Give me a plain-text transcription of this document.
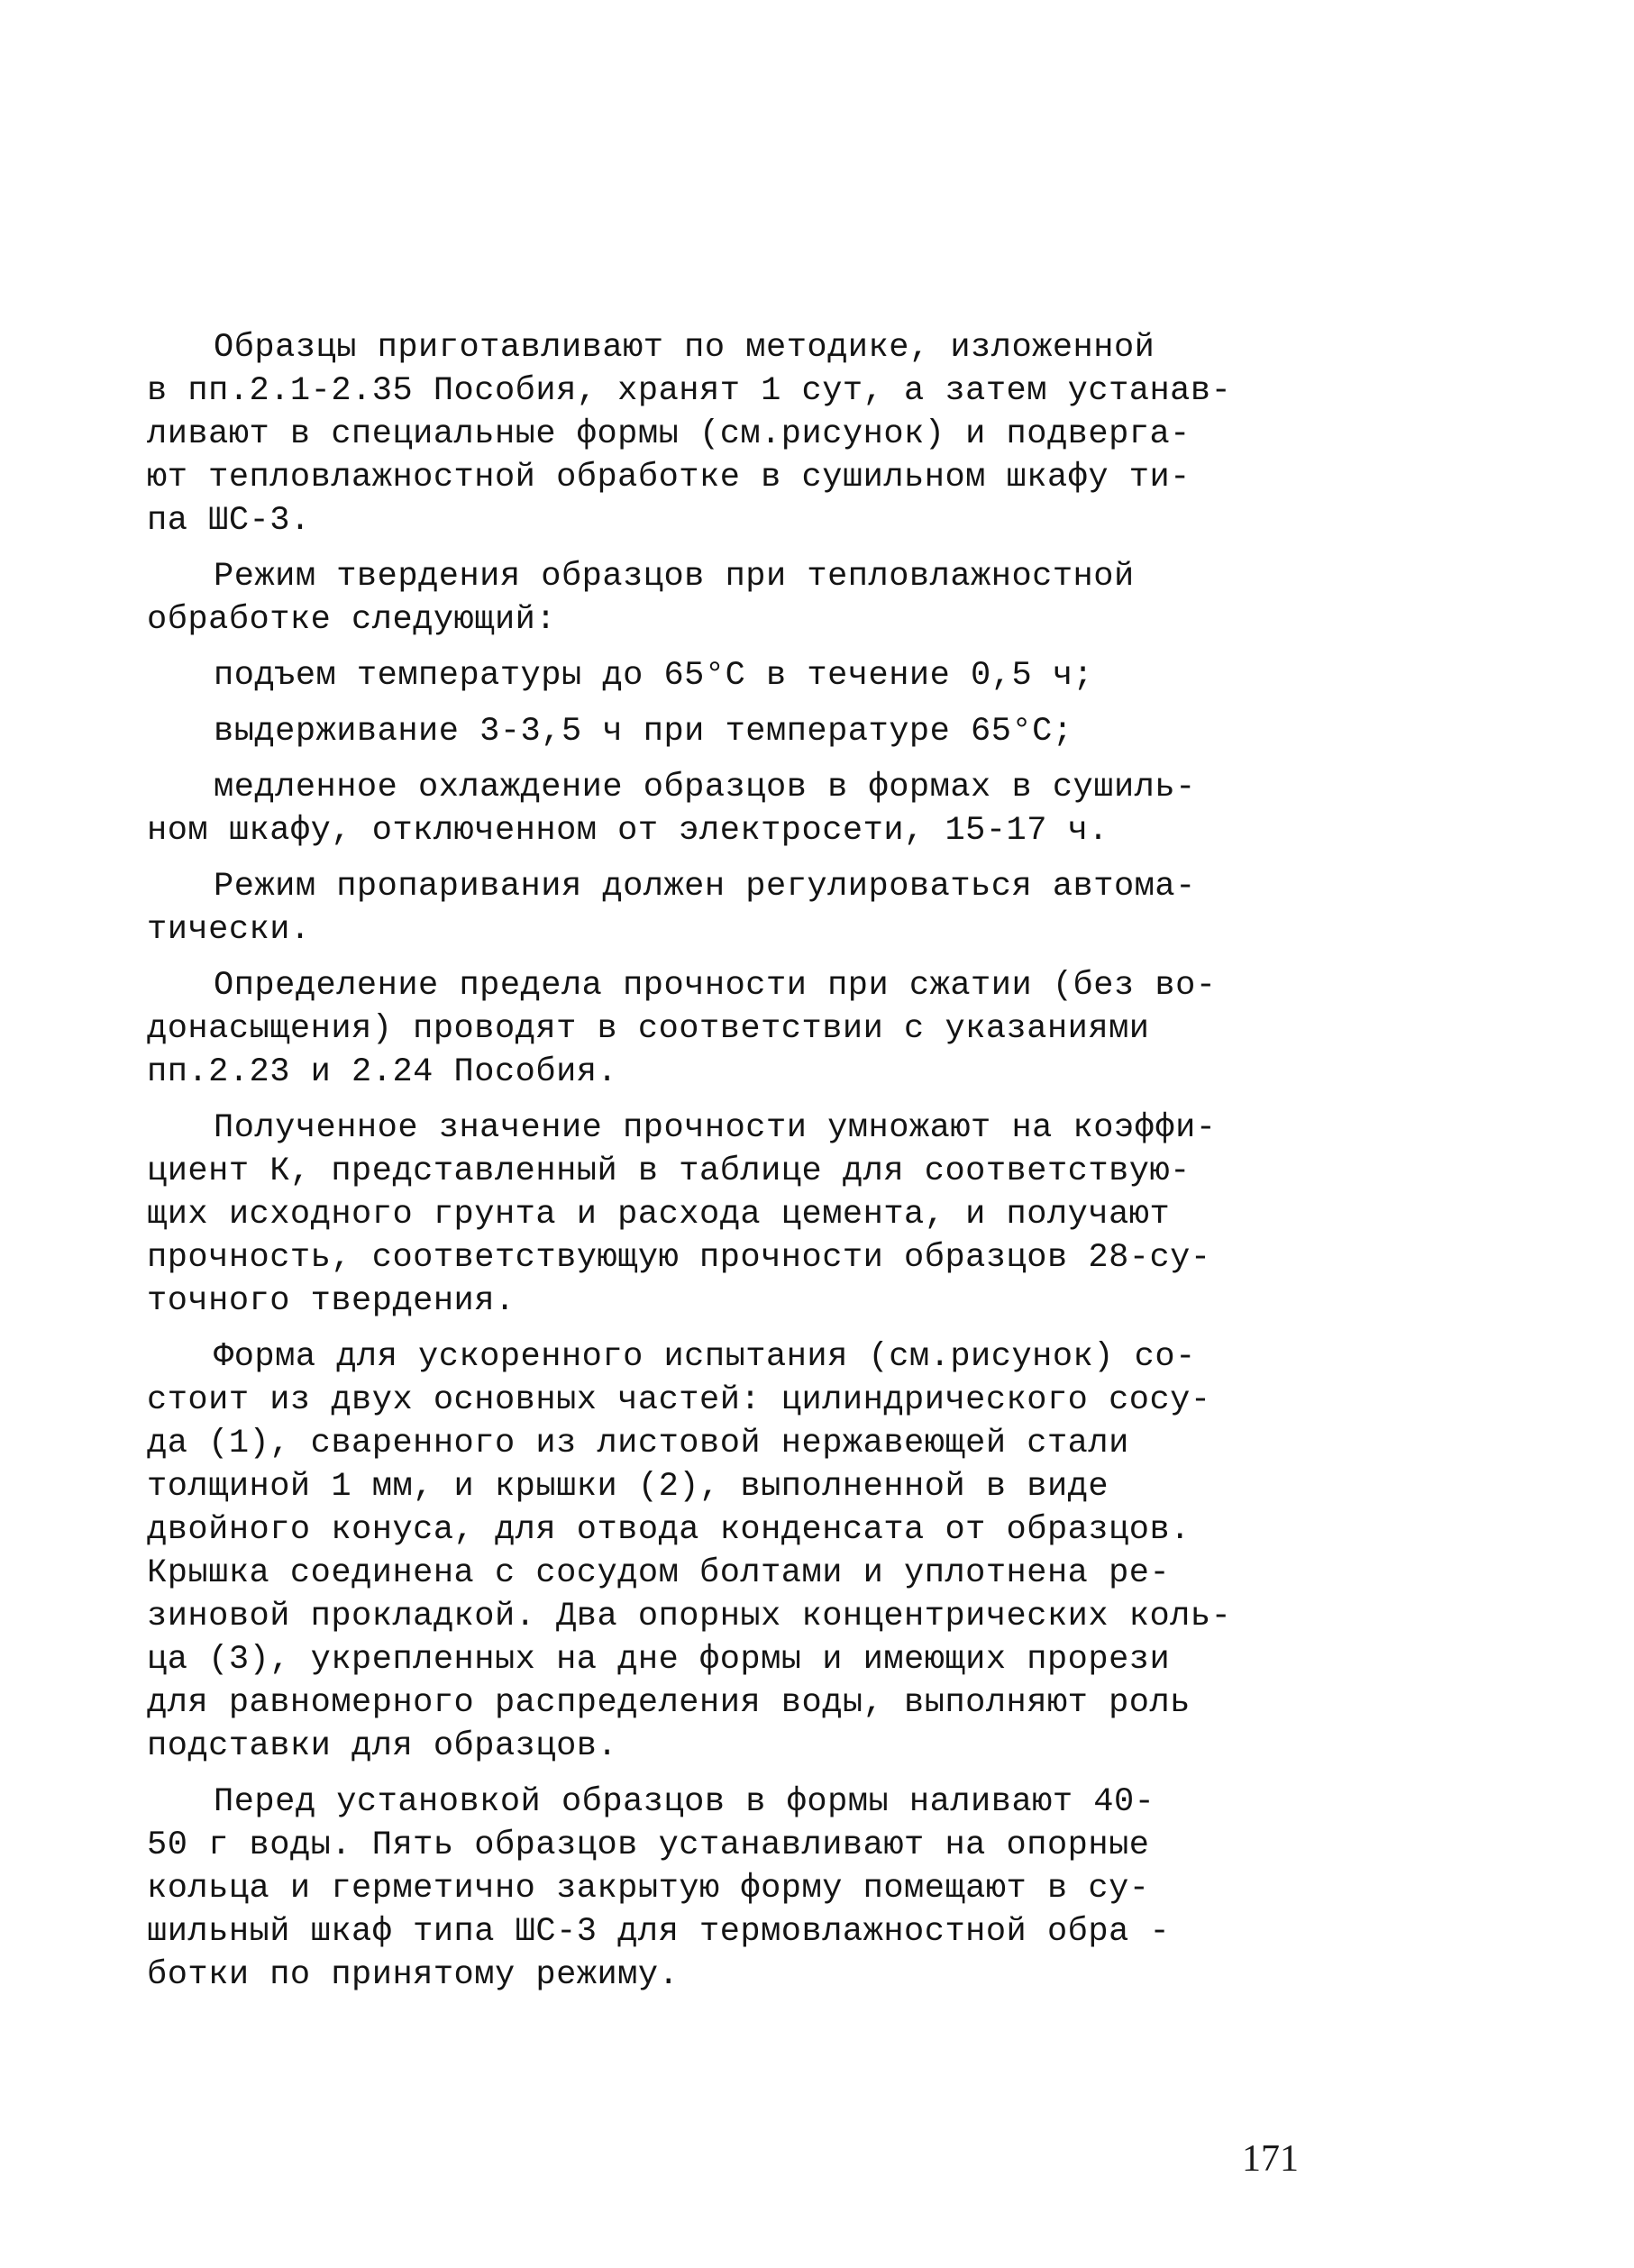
Образцы приготавливают по методике, изложенной
в пп.2.1-2.35 Пособия, хранят 1 сут, а затем устанав-
ливают в специальные формы (см.рисунок) и подверга-
ют тепловлажностной обработке в сушильном шкафу ти-
па ШС-3.

Режим твердения образцов при тепловлажностной
обработке следующий:

подъем температуры до 65°С в течение 0,5 ч;

выдерживание 3-3,5 ч при температуре 65°С;

медленное охлаждение образцов в формах в сушиль-
ном шкафу, отключенном от электросети, 15-17 ч.

Режим пропаривания должен регулироваться автома-
тически.

Определение предела прочности при сжатии (без во-
донасыщения) проводят в соответствии с указаниями
пп.2.23 и 2.24 Пособия.

Полученное значение прочности умножают на коэффи-
циент К, представленный в таблице для соответствую-
щих исходного грунта и расхода цемента, и получают
прочность, соответствующую прочности образцов 28-су-
точного твердения.

Форма для ускоренного испытания (см.рисунок) со-
стоит из двух основных частей: цилиндрического сосу-
да (1), сваренного из листовой нержавеющей стали
толщиной 1 мм, и крышки (2), выполненной в виде
двойного конуса, для отвода конденсата от образцов.
Крышка соединена с сосудом болтами и уплотнена ре-
зиновой прокладкой. Два опорных концентрических коль-
ца (3), укрепленных на дне формы и имеющих прорези
для равномерного распределения воды, выполняют роль
подставки для образцов.

Перед установкой образцов в формы наливают 40-
50 г воды. Пять образцов устанавливают на опорные
кольца и герметично закрытую форму помещают в су-
шильный шкаф типа ШС-3 для термовлажностной обра -
ботки по принятому режиму.

171
